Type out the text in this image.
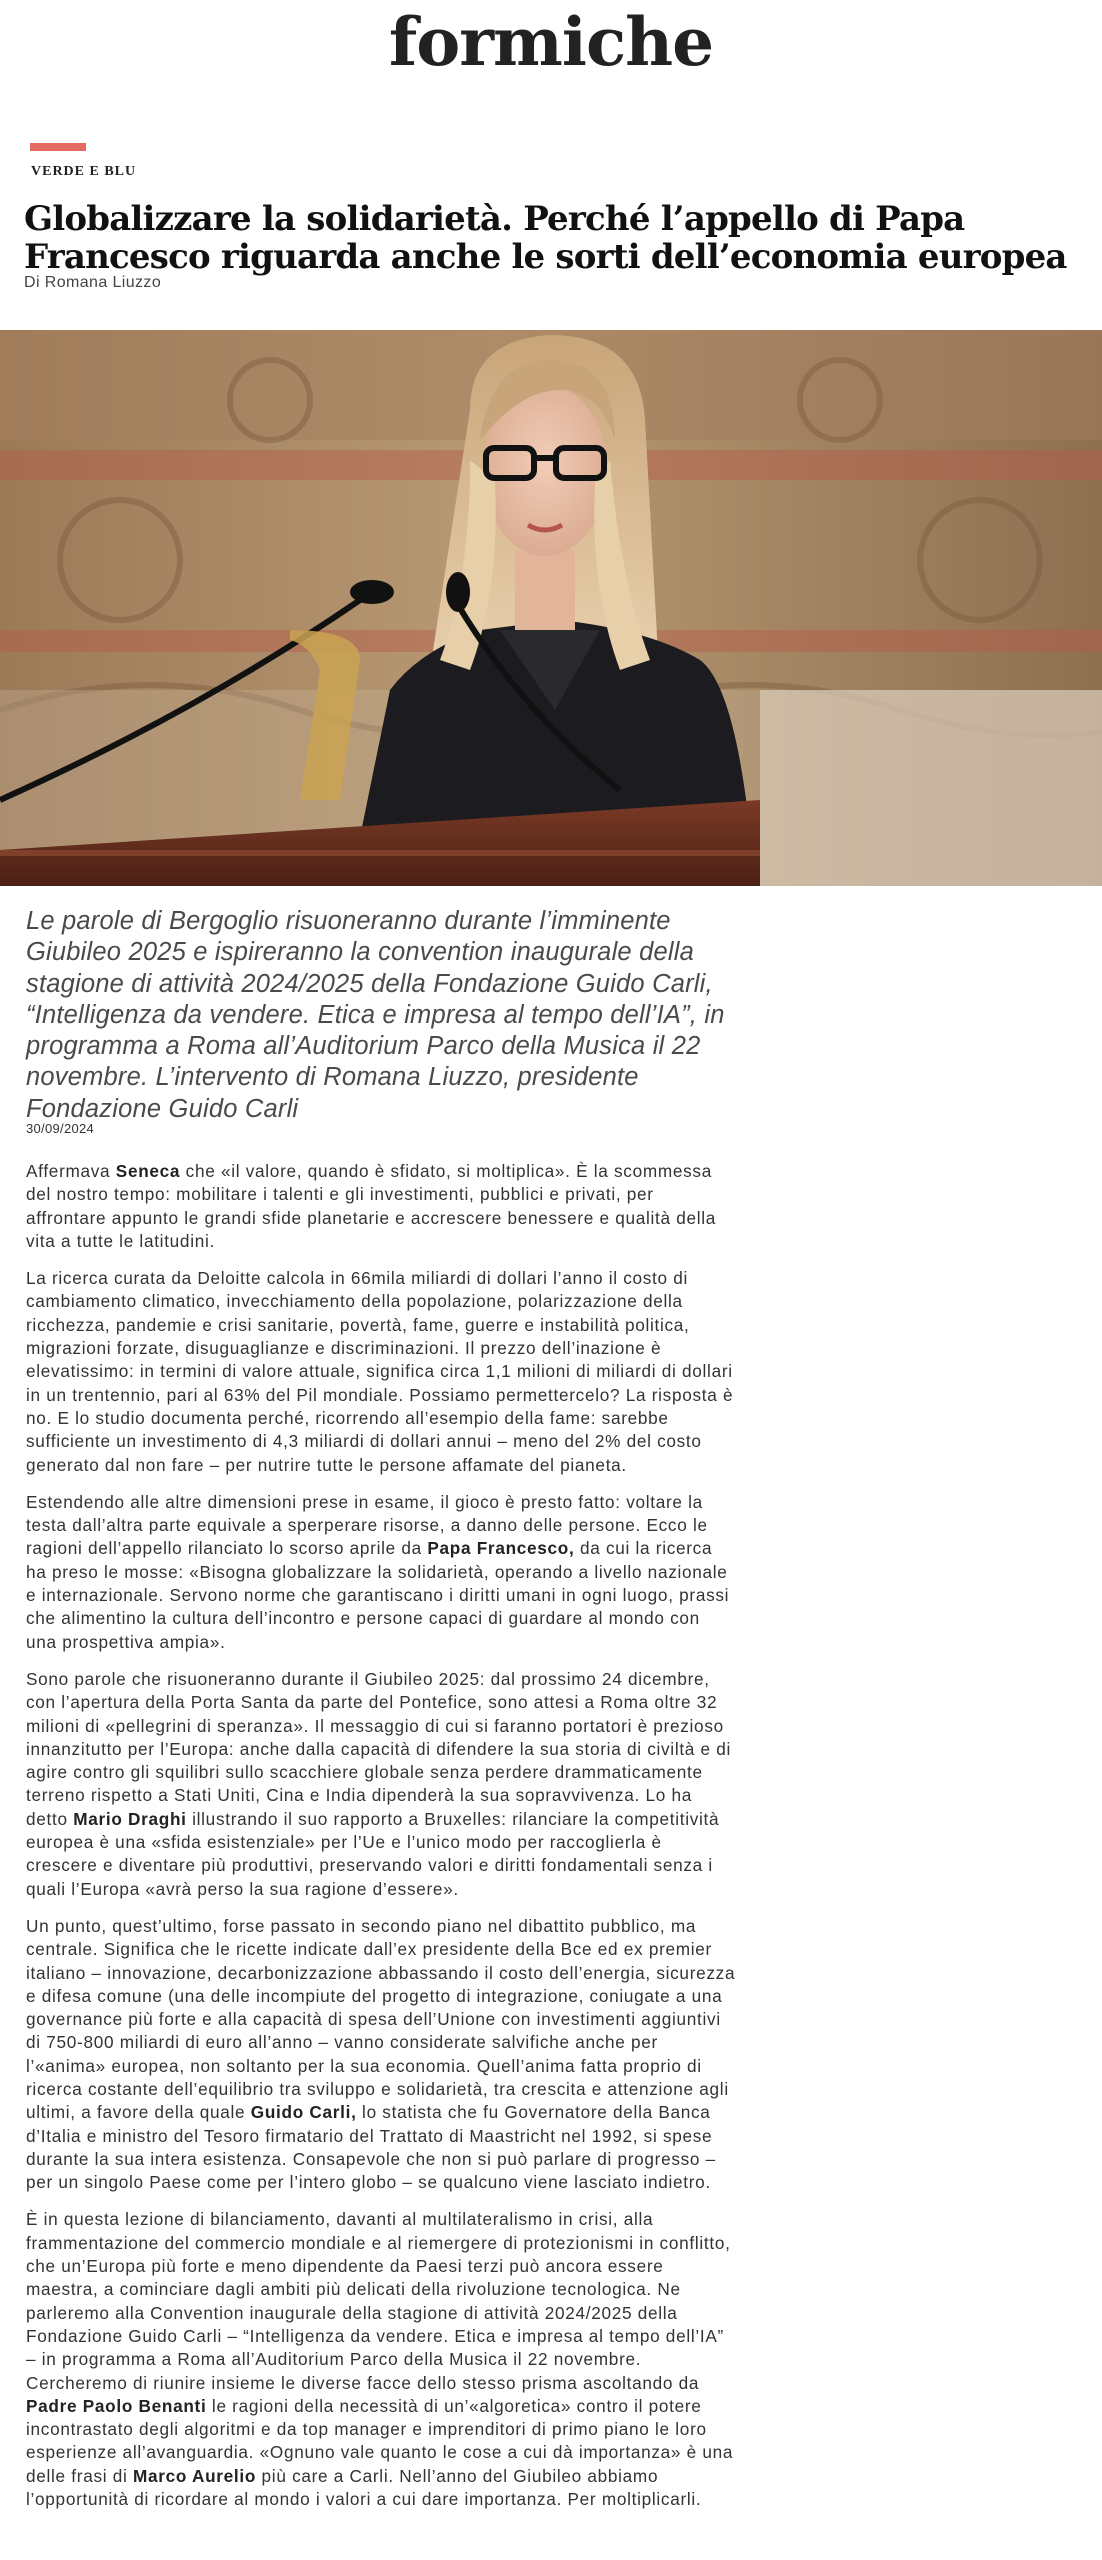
formiche
VERDE E BLU
Globalizzare la solidarietà. Perché l’appello di Papa Francesco riguarda anche le sorti dell’economia europea
Di Romana Liuzzo

Le parole di Bergoglio risuoneranno durante l’imminente Giubileo 2025 e ispireranno la convention inaugurale della stagione di attività 2024/2025 della Fondazione Guido Carli, “Intelligenza da vendere. Etica e impresa al tempo dell’IA”, in programma a Roma all’Auditorium Parco della Musica il 22 novembre. L’intervento di Romana Liuzzo, presidente Fondazione Guido Carli

30/09/2024

Affermava Seneca che «il valore, quando è sfidato, si moltiplica». È la scommessa del nostro tempo: mobilitare i talenti e gli investimenti, pubblici e privati, per affrontare appunto le grandi sfide planetarie e accrescere benessere e qualità della vita a tutte le latitudini.

La ricerca curata da Deloitte calcola in 66mila miliardi di dollari l’anno il costo di cambiamento climatico, invecchiamento della popolazione, polarizzazione della ricchezza, pandemie e crisi sanitarie, povertà, fame, guerre e instabilità politica, migrazioni forzate, disuguaglianze e discriminazioni. Il prezzo dell’inazione è elevatissimo: in termini di valore attuale, significa circa 1,1 milioni di miliardi di dollari in un trentennio, pari al 63% del Pil mondiale. Possiamo permettercelo? La risposta è no. E lo studio documenta perché, ricorrendo all’esempio della fame: sarebbe sufficiente un investimento di 4,3 miliardi di dollari annui – meno del 2% del costo generato dal non fare – per nutrire tutte le persone affamate del pianeta.

Estendendo alle altre dimensioni prese in esame, il gioco è presto fatto: voltare la testa dall’altra parte equivale a sperperare risorse, a danno delle persone. Ecco le ragioni dell’appello rilanciato lo scorso aprile da Papa Francesco, da cui la ricerca ha preso le mosse: «Bisogna globalizzare la solidarietà, operando a livello nazionale e internazionale. Servono norme che garantiscano i diritti umani in ogni luogo, prassi che alimentino la cultura dell’incontro e persone capaci di guardare al mondo con una prospettiva ampia».

Sono parole che risuoneranno durante il Giubileo 2025: dal prossimo 24 dicembre, con l’apertura della Porta Santa da parte del Pontefice, sono attesi a Roma oltre 32 milioni di «pellegrini di speranza». Il messaggio di cui si faranno portatori è prezioso innanzitutto per l’Europa: anche dalla capacità di difendere la sua storia di civiltà e di agire contro gli squilibri sullo scacchiere globale senza perdere drammaticamente terreno rispetto a Stati Uniti, Cina e India dipenderà la sua sopravvivenza. Lo ha detto Mario Draghi illustrando il suo rapporto a Bruxelles: rilanciare la competitività europea è una «sfida esistenziale» per l’Ue e l’unico modo per raccoglierla è crescere e diventare più produttivi, preservando valori e diritti fondamentali senza i quali l’Europa «avrà perso la sua ragione d’essere».

Un punto, quest’ultimo, forse passato in secondo piano nel dibattito pubblico, ma centrale. Significa che le ricette indicate dall’ex presidente della Bce ed ex premier italiano – innovazione, decarbonizzazione abbassando il costo dell’energia, sicurezza e difesa comune (una delle incompiute del progetto di integrazione, coniugate a una governance più forte e alla capacità di spesa dell’Unione con investimenti aggiuntivi di 750-800 miliardi di euro all’anno – vanno considerate salvifiche anche per l’«anima» europea, non soltanto per la sua economia. Quell’anima fatta proprio di ricerca costante dell’equilibrio tra sviluppo e solidarietà, tra crescita e attenzione agli ultimi, a favore della quale Guido Carli, lo statista che fu Governatore della Banca d’Italia e ministro del Tesoro firmatario del Trattato di Maastricht nel 1992, si spese durante la sua intera esistenza. Consapevole che non si può parlare di progresso – per un singolo Paese come per l’intero globo – se qualcuno viene lasciato indietro.

È in questa lezione di bilanciamento, davanti al multilateralismo in crisi, alla frammentazione del commercio mondiale e al riemergere di protezionismi in conflitto, che un’Europa più forte e meno dipendente da Paesi terzi può ancora essere maestra, a cominciare dagli ambiti più delicati della rivoluzione tecnologica. Ne parleremo alla Convention inaugurale della stagione di attività 2024/2025 della Fondazione Guido Carli – “Intelligenza da vendere. Etica e impresa al tempo dell’IA” – in programma a Roma all’Auditorium Parco della Musica il 22 novembre. Cercheremo di riunire insieme le diverse facce dello stesso prisma ascoltando da Padre Paolo Benanti le ragioni della necessità di un’«algoretica» contro il potere incontrastato degli algoritmi e da top manager e imprenditori di primo piano le loro esperienze all’avanguardia. «Ognuno vale quanto le cose a cui dà importanza» è una delle frasi di Marco Aurelio più care a Carli. Nell’anno del Giubileo abbiamo l’opportunità di ricordare al mondo i valori a cui dare importanza. Per moltiplicarli.
